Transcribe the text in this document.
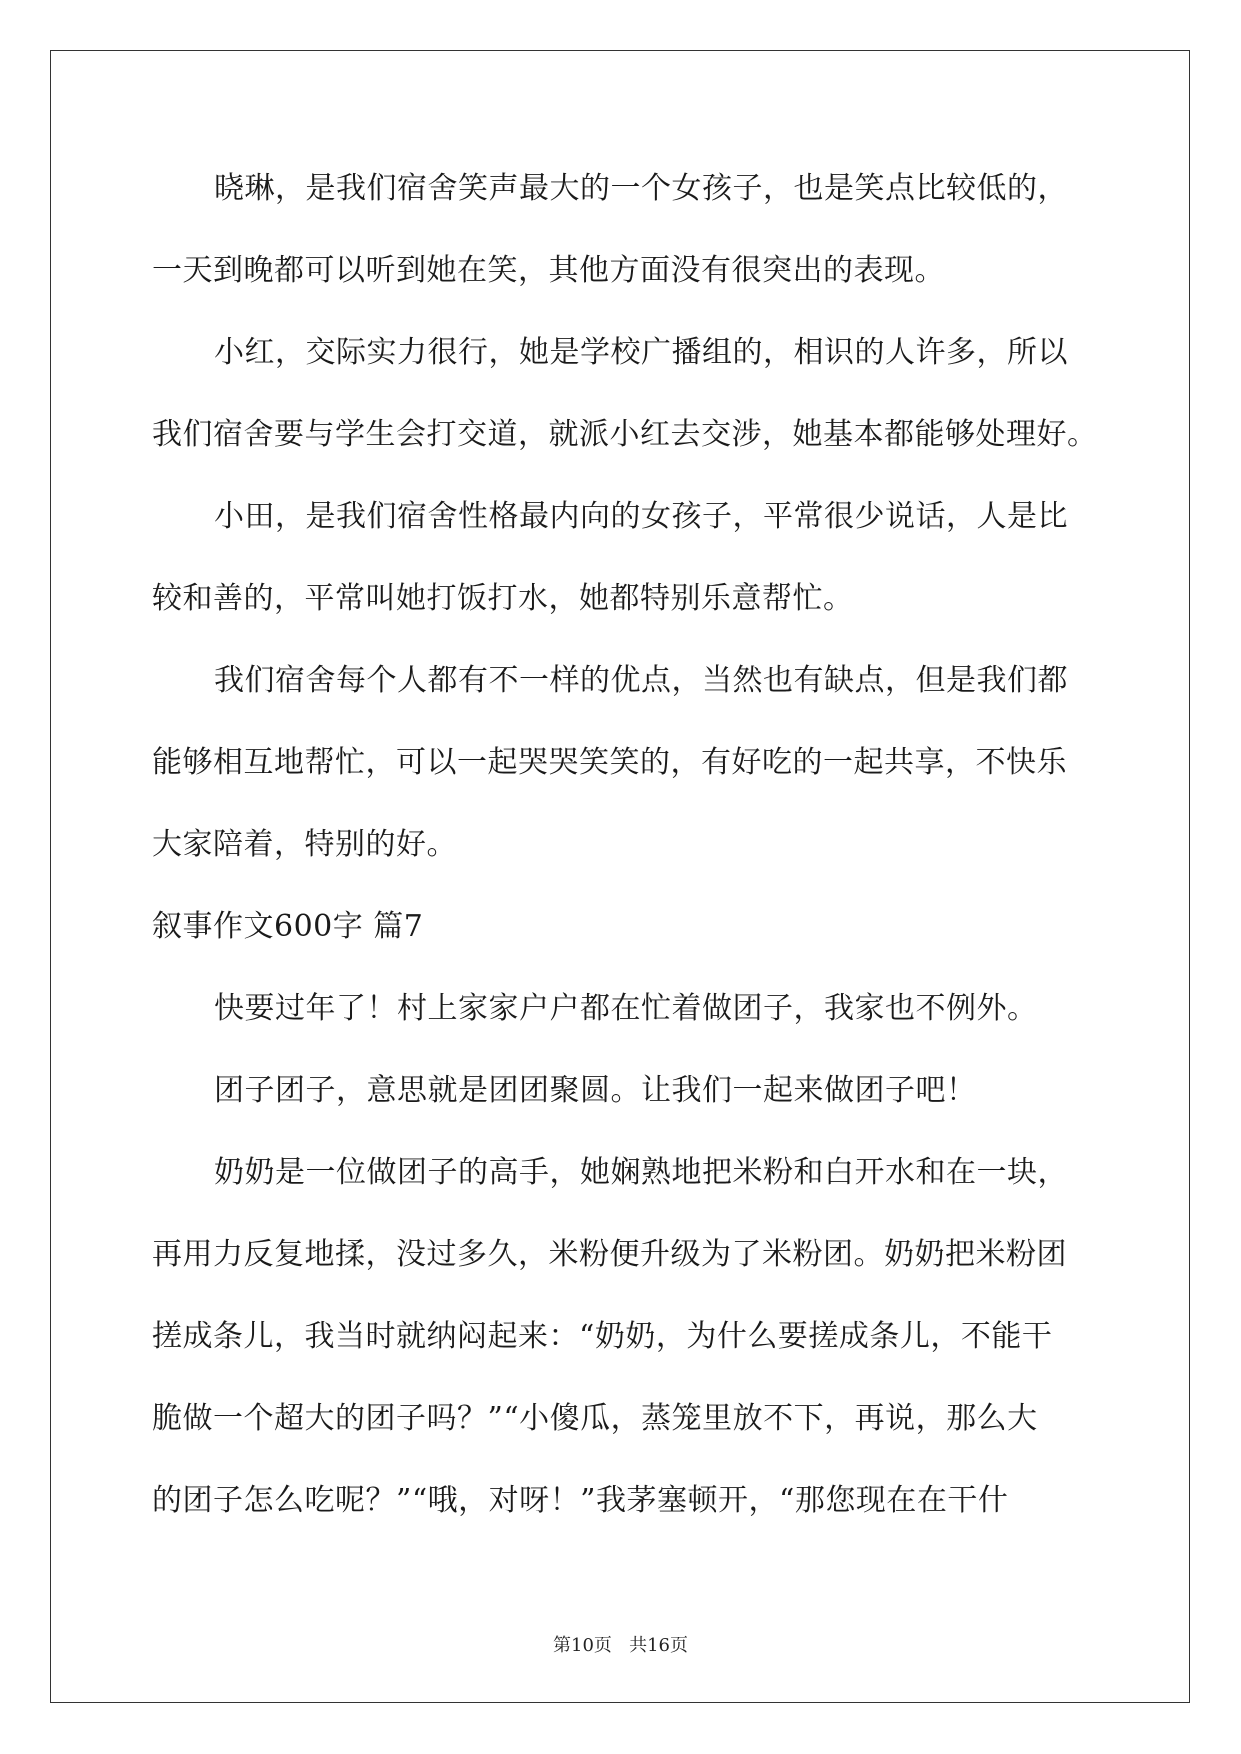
晓琳，是我们宿舍笑声最大的一个女孩子，也是笑点比较低的，
一天到晚都可以听到她在笑，其他方面没有很突出的表现。
小红，交际实力很行，她是学校广播组的，相识的人许多，所以
我们宿舍要与学生会打交道，就派小红去交涉，她基本都能够处理好。
小田，是我们宿舍性格最内向的女孩子，平常很少说话，人是比
较和善的，平常叫她打饭打水，她都特别乐意帮忙。
我们宿舍每个人都有不一样的优点，当然也有缺点，但是我们都
能够相互地帮忙，可以一起哭哭笑笑的，有好吃的一起共享，不快乐
大家陪着，特别的好。
叙事作文600字 篇7
快要过年了！村上家家户户都在忙着做团子，我家也不例外。
团子团子，意思就是团团聚圆。让我们一起来做团子吧！
奶奶是一位做团子的高手，她娴熟地把米粉和白开水和在一块，
再用力反复地揉，没过多久，米粉便升级为了米粉团。奶奶把米粉团
搓成条儿，我当时就纳闷起来：“奶奶，为什么要搓成条儿，不能干
脆做一个超大的团子吗？”“小傻瓜，蒸笼里放不下，再说，那么大
的团子怎么吃呢？”“哦，对呀！”我茅塞顿开，“那您现在在干什
第10页   共16页
